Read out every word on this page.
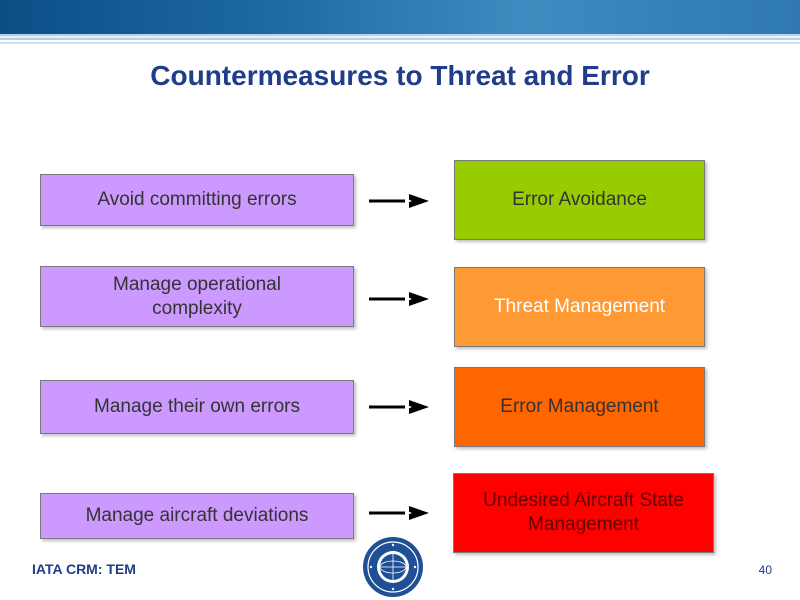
Countermeasures to Threat and Error
Avoid committing errors	Error Avoidance
Manage operational complexity	Threat Management
Manage their own errors	Error Management
Manage aircraft deviations
Undesired Aircraft State Management
IATA CRM: TEM	40
